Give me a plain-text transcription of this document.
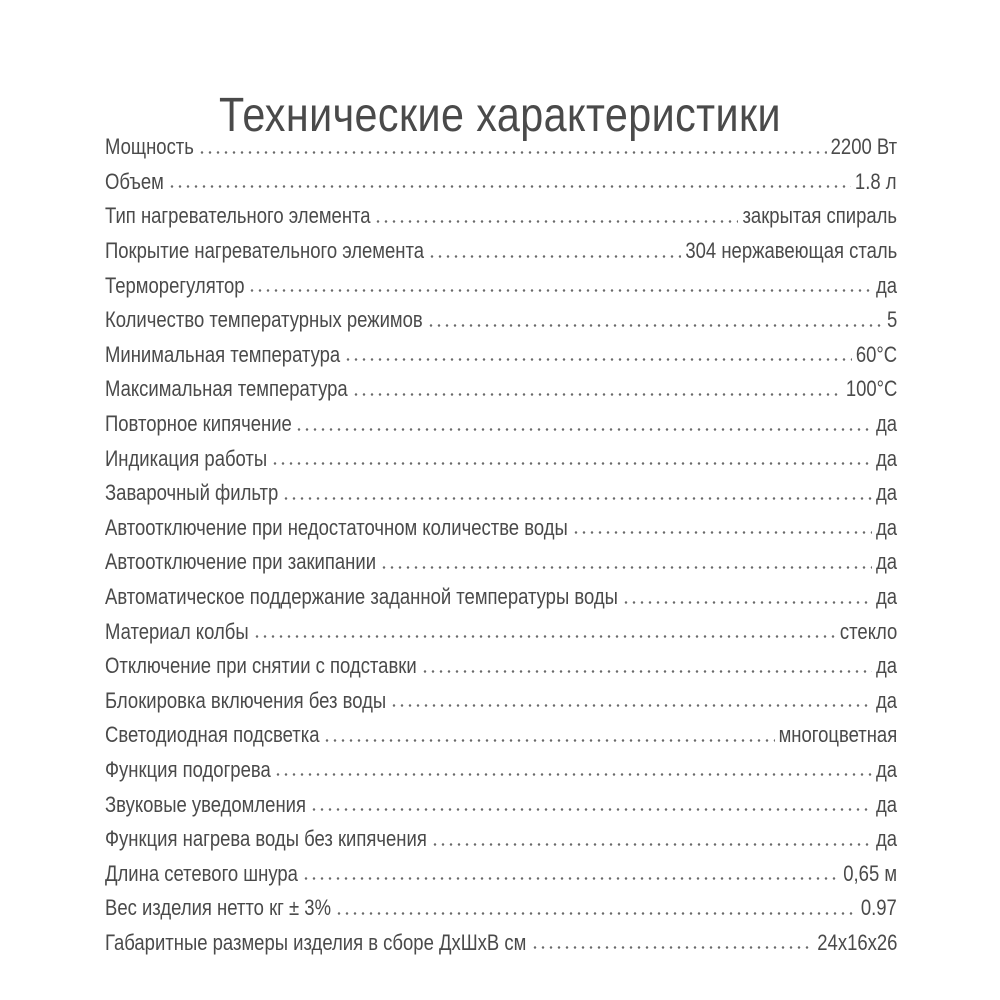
Технические характеристики
Мощность	2200 Вт
Объем	1.8 л
Тип нагревательного элемента	закрытая спираль
Покрытие нагревательного элемента	304 нержавеющая сталь
Терморегулятор	да
Количество температурных режимов	5
Минимальная температура	60°С
Максимальная температура	100°С
Повторное кипячение	да
Индикация работы	да
Заварочный фильтр	да
Автоотключение при недостаточном количестве воды	да
Автоотключение при закипании	да
Автоматическое поддержание заданной температуры воды	да
Материал колбы	стекло
Отключение при снятии с подставки	да
Блокировка включения без воды	да
Светодиодная подсветка	многоцветная
Функция подогрева	да
Звуковые уведомления	да
Функция нагрева воды без кипячения	да
Длина сетевого шнура	0,65 м
Вес изделия нетто кг ± 3%	0.97
Габаритные размеры изделия в сборе ДхШхВ см	24x16x26
